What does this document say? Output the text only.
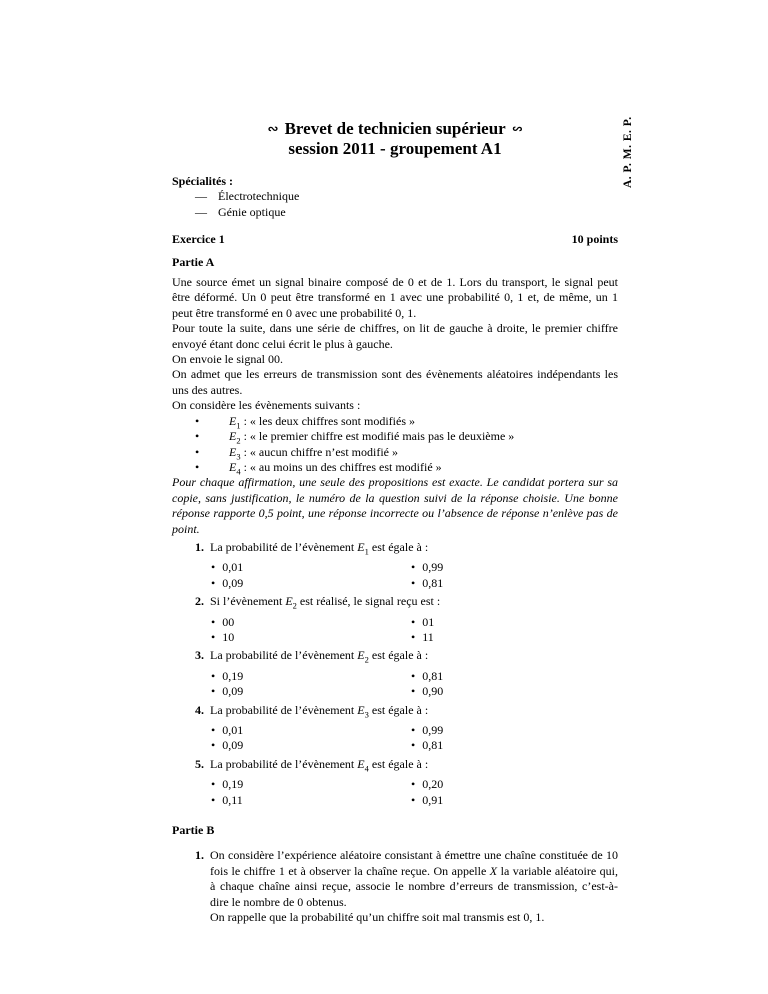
A. P. M. E. P.
∾ Brevet de technicien supérieur ∾
session 2011 - groupement A1
Spécialités :
— Électrotechnique
— Génie optique
Exercice 1	10 points
Partie A

Une source émet un signal binaire composé de 0 et de 1. Lors du transport, le signal peut être déformé. Un 0 peut être transformé en 1 avec une probabilité 0, 1 et, de même, un 1 peut être transformé en 0 avec une probabilité 0, 1.

Pour toute la suite, dans une série de chiffres, on lit de gauche à droite, le premier chiffre envoyé étant donc celui écrit le plus à gauche.

On envoie le signal 00.

On admet que les erreurs de transmission sont des évènements aléatoires indépendants les uns des autres.

On considère les évènements suivants :

• $E_1$ : « les deux chiffres sont modifiés »
• $E_2$ : « le premier chiffre est modifié mais pas le deuxième »
• $E_3$ : « aucun chiffre n’est modifié »
• $E_4$ : « au moins un des chiffres est modifié »

Pour chaque affirmation, une seule des propositions est exacte. Le candidat portera sur sa copie, sans justification, le numéro de la question suivi de la réponse choisie. Une bonne réponse rapporte 0,5 point, une réponse incorrecte ou l’absence de réponse n’enlève pas de point.

1. La probabilité de l’évènement $E_1$ est égale à :
• 0,01
• 0,09
• 0,99
• 0,81
2. Si l’évènement $E_2$ est réalisé, le signal reçu est :
• 00
• 10
• 01
• 11
3. La probabilité de l’évènement $E_2$ est égale à :
• 0,19
• 0,09
• 0,81
• 0,90
4. La probabilité de l’évènement $E_3$ est égale à :
• 0,01
• 0,09
• 0,99
• 0,81
5. La probabilité de l’évènement $E_4$ est égale à :
• 0,19
• 0,11
• 0,20
• 0,91
Partie B
1. On considère l’expérience aléatoire consistant à émettre une chaîne constituée de 10 fois le chiffre 1 et à observer la chaîne reçue. On appelle X la variable aléatoire qui, à chaque chaîne ainsi reçue, associe le nombre d’erreurs de transmission, c’est-à-dire le nombre de 0 obtenus.

On rappelle que la probabilité qu’un chiffre soit mal transmis est 0, 1.
